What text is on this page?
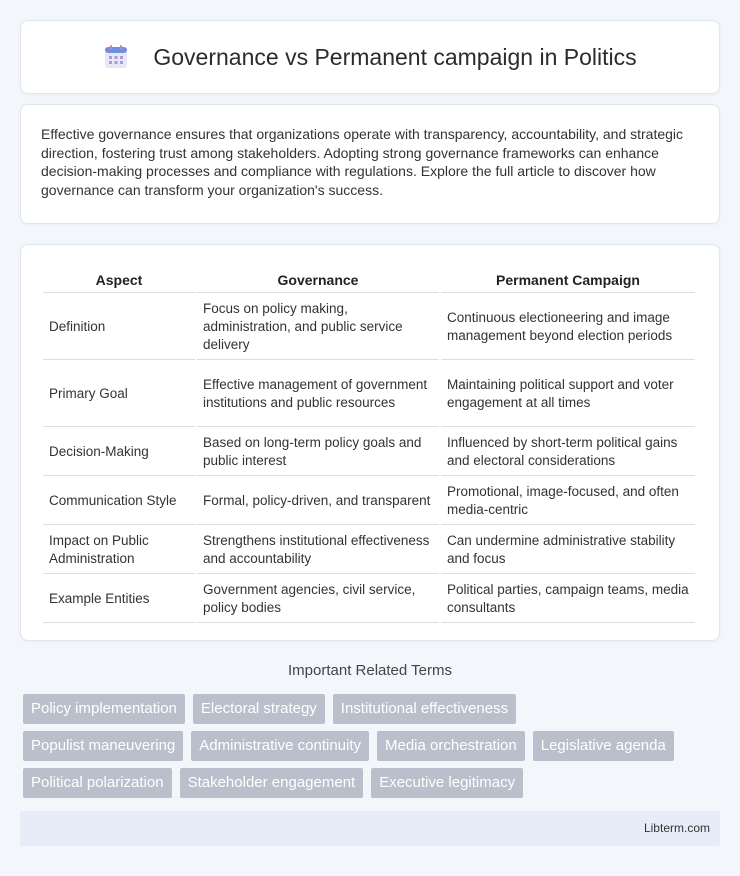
Governance vs Permanent campaign in Politics

Effective governance ensures that organizations operate with transparency, accountability, and strategic direction, fostering trust among stakeholders. Adopting strong governance frameworks can enhance decision-making processes and compliance with regulations. Explore the full article to discover how governance can transform your organization's success.

Aspect	Governance	Permanent Campaign
Definition	Focus on policy making, administration, and public service delivery	Continuous electioneering and image management beyond election periods
Primary Goal	Effective management of government institutions and public resources	Maintaining political support and voter engagement at all times
Decision-Making	Based on long-term policy goals and public interest	Influenced by short-term political gains and electoral considerations
Communication Style	Formal, policy-driven, and transparent	Promotional, image-focused, and often media-centric
Impact on Public Administration	Strengthens institutional effectiveness and accountability	Can undermine administrative stability and focus
Example Entities	Government agencies, civil service, policy bodies	Political parties, campaign teams, media consultants
Important Related Terms
Policy implementation	Electoral strategy	Institutional effectiveness
Populist maneuvering	Administrative continuity	Media orchestration	Legislative agenda
Political polarization	Stakeholder engagement	Executive legitimacy
Libterm.com
